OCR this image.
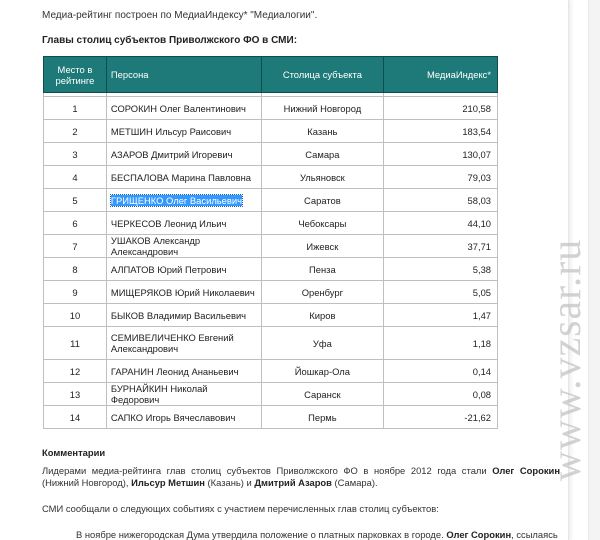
Медиа-рейтинг построен по МедиаИндексу* "Медиалогии".
Главы столиц субъектов Приволжского ФО в СМИ:
Место в рейтинге	Персона	Столица субъекта	МедиаИндекс*

1	СОРОКИН Олег Валентинович	Нижний Новгород	210,58
2	МЕТШИН Ильсур Раисович	Казань	183,54
3	АЗАРОВ Дмитрий Игоревич	Самара	130,07
4	БЕСПАЛОВА Марина Павловна	Ульяновск	79,03
5	ГРИЩЕНКО Олег Васильевич	Саратов	58,03
6	ЧЕРКЕСОВ Леонид Ильич	Чебоксары	44,10
7	УШАКОВ Александр Александрович	Ижевск	37,71
8	АЛПАТОВ Юрий Петрович	Пенза	5,38
9	МИЩЕРЯКОВ Юрий Николаевич	Оренбург	5,05
10	БЫКОВ Владимир Васильевич	Киров	1,47
11	СЕМИВЕЛИЧЕНКО Евгений Александрович	Уфа	1,18
12	ГАРАНИН Леонид Ананьевич	Йошкар-Ола	0,14
13	БУРНАЙКИН Николай Федорович	Саранск	0,08
14	САПКО Игорь Вячеславович	Пермь	-21,62
Комментарии
Лидерами медиа-рейтинга глав столиц субъектов Приволжского ФО в ноябре 2012 года стали Олег Сорокин (Нижний Новгород), Ильсур Метшин (Казань) и Дмитрий Азаров (Самара).
СМИ сообщали о следующих событиях с участием перечисленных глав столиц субъектов:
В ноябре нижегородская Дума утвердила положение о платных парковках в городе. Олег Сорокин, ссылаясь
www.vzsar.ru
